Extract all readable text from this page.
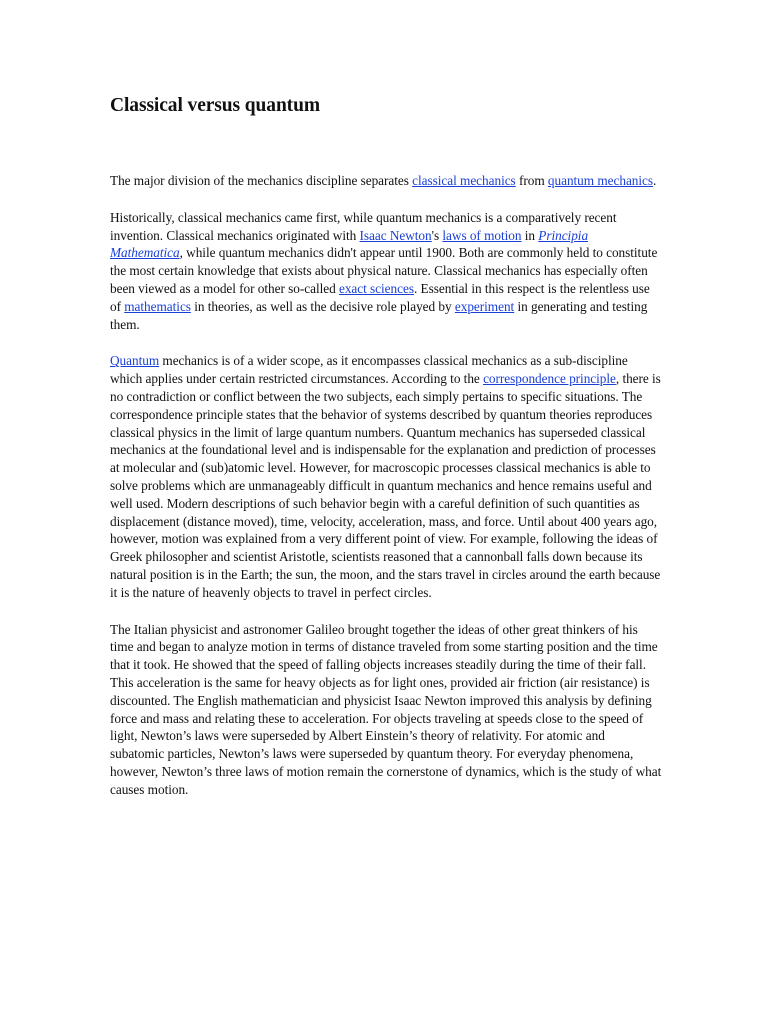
Classical versus quantum

The major division of the mechanics discipline separates classical mechanics from quantum mechanics.

Historically, classical mechanics came first, while quantum mechanics is a comparatively recent invention. Classical mechanics originated with Isaac Newton's laws of motion in Principia Mathematica, while quantum mechanics didn't appear until 1900. Both are commonly held to constitute the most certain knowledge that exists about physical nature. Classical mechanics has especially often been viewed as a model for other so-called exact sciences. Essential in this respect is the relentless use of mathematics in theories, as well as the decisive role played by experiment in generating and testing them.

Quantum mechanics is of a wider scope, as it encompasses classical mechanics as a sub-discipline which applies under certain restricted circumstances. According to the correspondence principle, there is no contradiction or conflict between the two subjects, each simply pertains to specific situations. The correspondence principle states that the behavior of systems described by quantum theories reproduces classical physics in the limit of large quantum numbers. Quantum mechanics has superseded classical mechanics at the foundational level and is indispensable for the explanation and prediction of processes at molecular and (sub)atomic level. However, for macroscopic processes classical mechanics is able to solve problems which are unmanageably difficult in quantum mechanics and hence remains useful and well used. Modern descriptions of such behavior begin with a careful definition of such quantities as displacement (distance moved), time, velocity, acceleration, mass, and force. Until about 400 years ago, however, motion was explained from a very different point of view. For example, following the ideas of Greek philosopher and scientist Aristotle, scientists reasoned that a cannonball falls down because its natural position is in the Earth; the sun, the moon, and the stars travel in circles around the earth because it is the nature of heavenly objects to travel in perfect circles.

The Italian physicist and astronomer Galileo brought together the ideas of other great thinkers of his time and began to analyze motion in terms of distance traveled from some starting position and the time that it took. He showed that the speed of falling objects increases steadily during the time of their fall. This acceleration is the same for heavy objects as for light ones, provided air friction (air resistance) is discounted. The English mathematician and physicist Isaac Newton improved this analysis by defining force and mass and relating these to acceleration. For objects traveling at speeds close to the speed of light, Newton’s laws were superseded by Albert Einstein’s theory of relativity. For atomic and subatomic particles, Newton’s laws were superseded by quantum theory. For everyday phenomena, however, Newton’s three laws of motion remain the cornerstone of dynamics, which is the study of what causes motion.
